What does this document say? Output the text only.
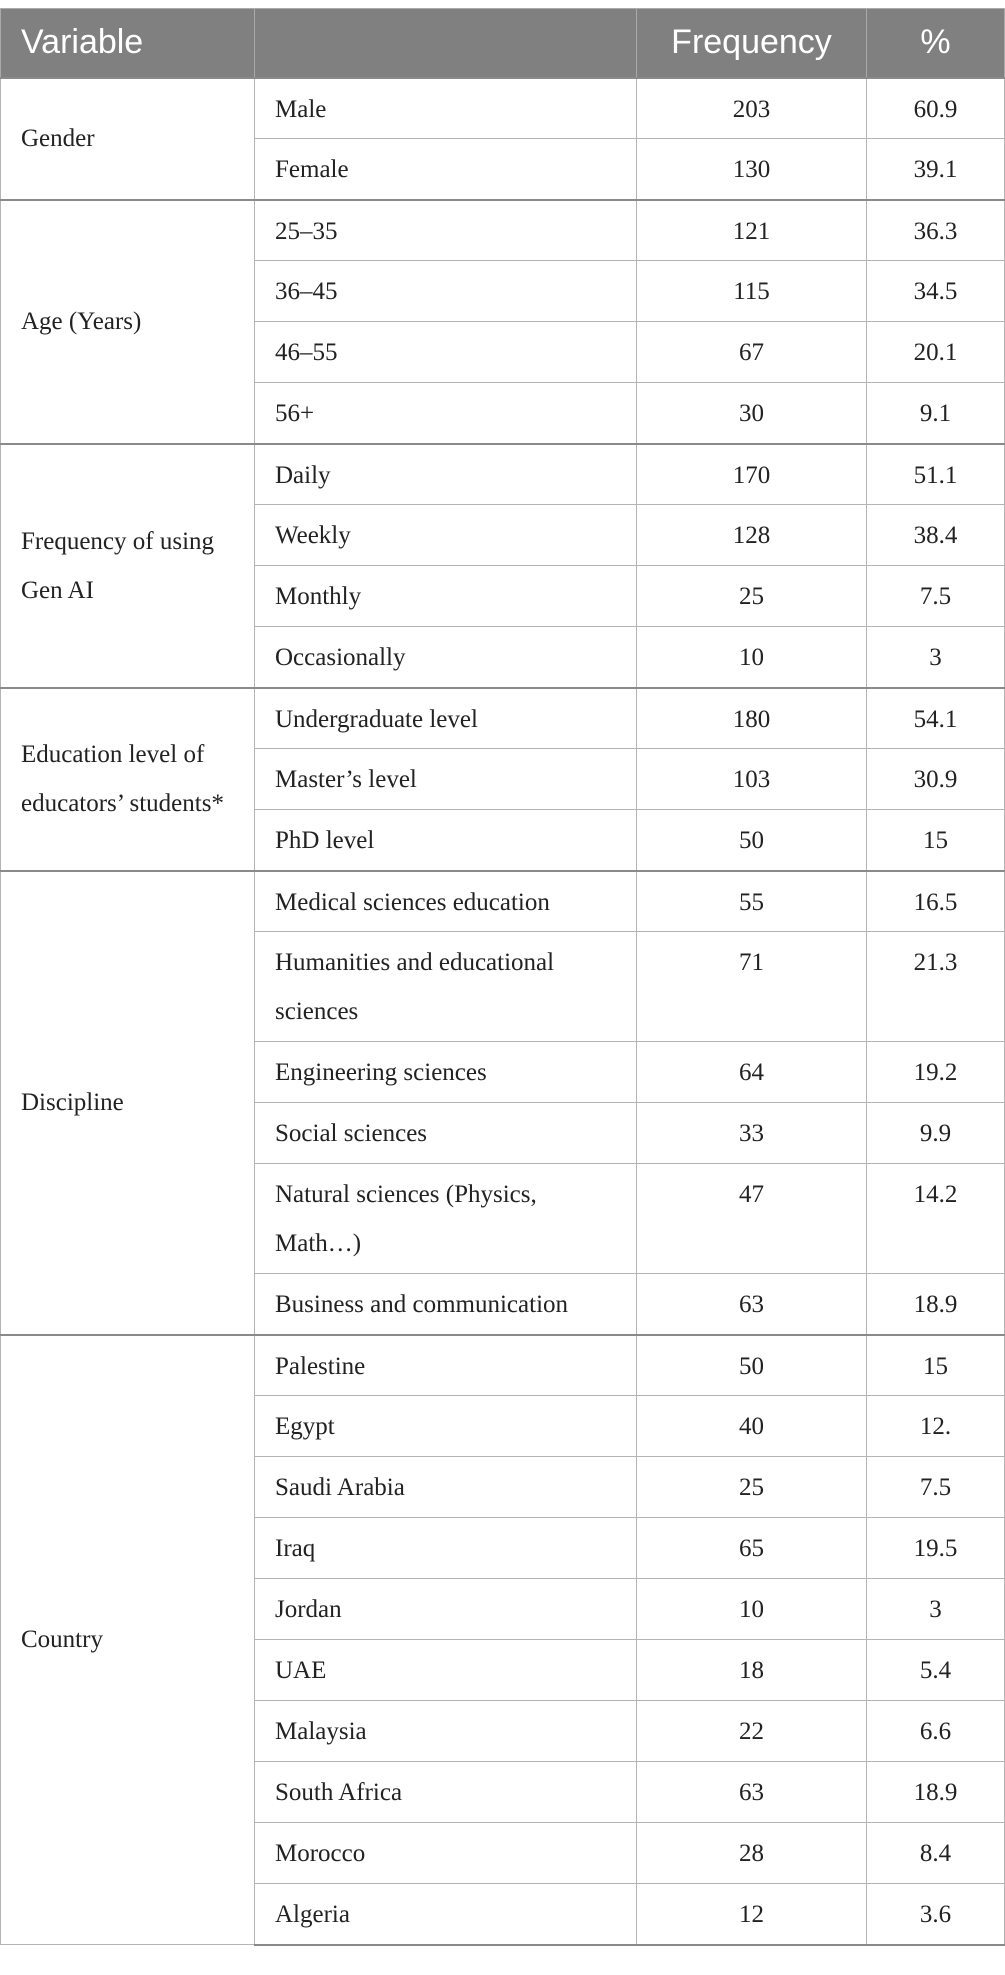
Variable		Frequency	%
Gender	Male	203	60.9
	Female	130	39.1
Age (Years)	25–35	121	36.3
	36–45	115	34.5
	46–55	67	20.1
	56+	30	9.1
Frequency of using Gen AI	Daily	170	51.1
	Weekly	128	38.4
	Monthly	25	7.5
	Occasionally	10	3
Education level of educators’ students*	Undergraduate level	180	54.1
	Master’s level	103	30.9
	PhD level	50	15
Discipline	Medical sciences education	55	16.5
	Humanities and educational sciences	71	21.3
	Engineering sciences	64	19.2
	Social sciences	33	9.9
	Natural sciences (Physics, Math…)	47	14.2
	Business and communication	63	18.9
Country	Palestine	50	15
	Egypt	40	12.
	Saudi Arabia	25	7.5
	Iraq	65	19.5
	Jordan	10	3
	UAE	18	5.4
	Malaysia	22	6.6
	South Africa	63	18.9
	Morocco	28	8.4
	Algeria	12	3.6
